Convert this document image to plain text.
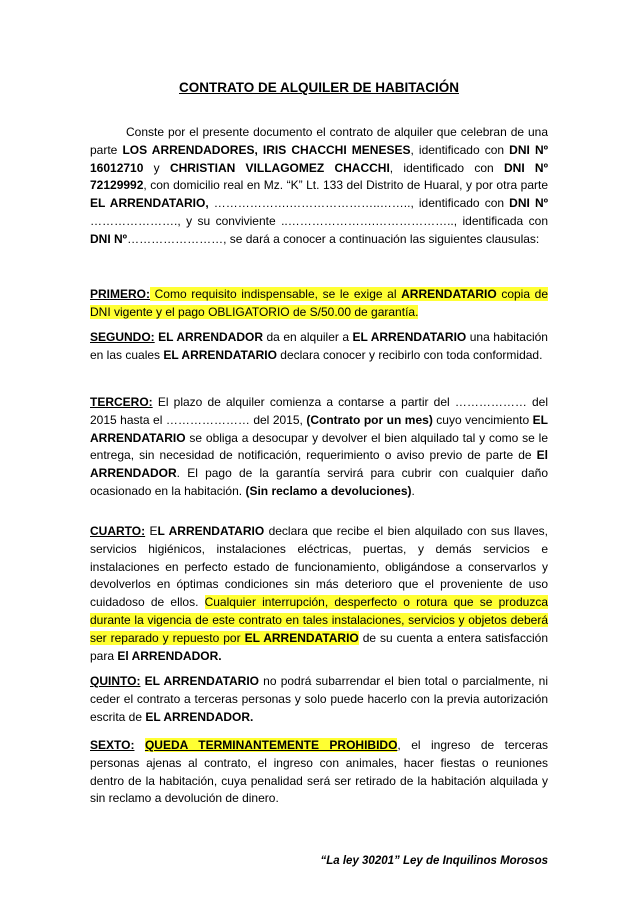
CONTRATO DE ALQUILER DE HABITACIÓN

Conste por el presente documento el contrato de alquiler que celebran de una parte LOS ARRENDADORES, IRIS CHACCHI MENESES, identificado con DNI Nº 16012710 y CHRISTIAN VILLAGOMEZ CHACCHI, identificado con DNI Nº 72129992, con domicilio real en Mz. “K” Lt. 133 del Distrito de Huaral, y por otra parte EL ARRENDATARIO, ……………….…………………..…….., identificado con DNI Nº …………………., y su conviviente ..………………….……………….., identificada con DNI Nº……………………, se dará a conocer a continuación las siguientes clausulas:

PRIMERO: Como requisito indispensable, se le exige al ARRENDATARIO copia de DNI vigente y el pago OBLIGATORIO de S/50.00 de garantía.

SEGUNDO: EL ARRENDADOR da en alquiler a EL ARRENDATARIO una habitación en las cuales EL ARRENDATARIO declara conocer y recibirlo con toda conformidad.

TERCERO: El plazo de alquiler comienza a contarse a partir del ……………… del 2015 hasta el ………………… del 2015, (Contrato por un mes) cuyo vencimiento EL ARRENDATARIO se obliga a desocupar y devolver el bien alquilado tal y como se le entrega, sin necesidad de notificación, requerimiento o aviso previo de parte de El ARRENDADOR. El pago de la garantía servirá para cubrir con cualquier daño ocasionado en la habitación. (Sin reclamo a devoluciones).

CUARTO: EL ARRENDATARIO declara que recibe el bien alquilado con sus llaves, servicios higiénicos, instalaciones eléctricas, puertas, y demás servicios e instalaciones en perfecto estado de funcionamiento, obligándose a conservarlos y devolverlos en óptimas condiciones sin más deterioro que el proveniente de uso cuidadoso de ellos. Cualquier interrupción, desperfecto o rotura que se produzca durante la vigencia de este contrato en tales instalaciones, servicios y objetos deberá ser reparado y repuesto por EL ARRENDATARIO de su cuenta a entera satisfacción para El ARRENDADOR.

QUINTO: EL ARRENDATARIO no podrá subarrendar el bien total o parcialmente, ni ceder el contrato a terceras personas y solo puede hacerlo con la previa autorización escrita de EL ARRENDADOR.

SEXTO: QUEDA TERMINANTEMENTE PROHIBIDO, el ingreso de terceras personas ajenas al contrato, el ingreso con animales, hacer fiestas o reuniones dentro de la habitación, cuya penalidad será ser retirado de la habitación alquilada y sin reclamo a devolución de dinero.

“La ley 30201” Ley de Inquilinos Morosos
